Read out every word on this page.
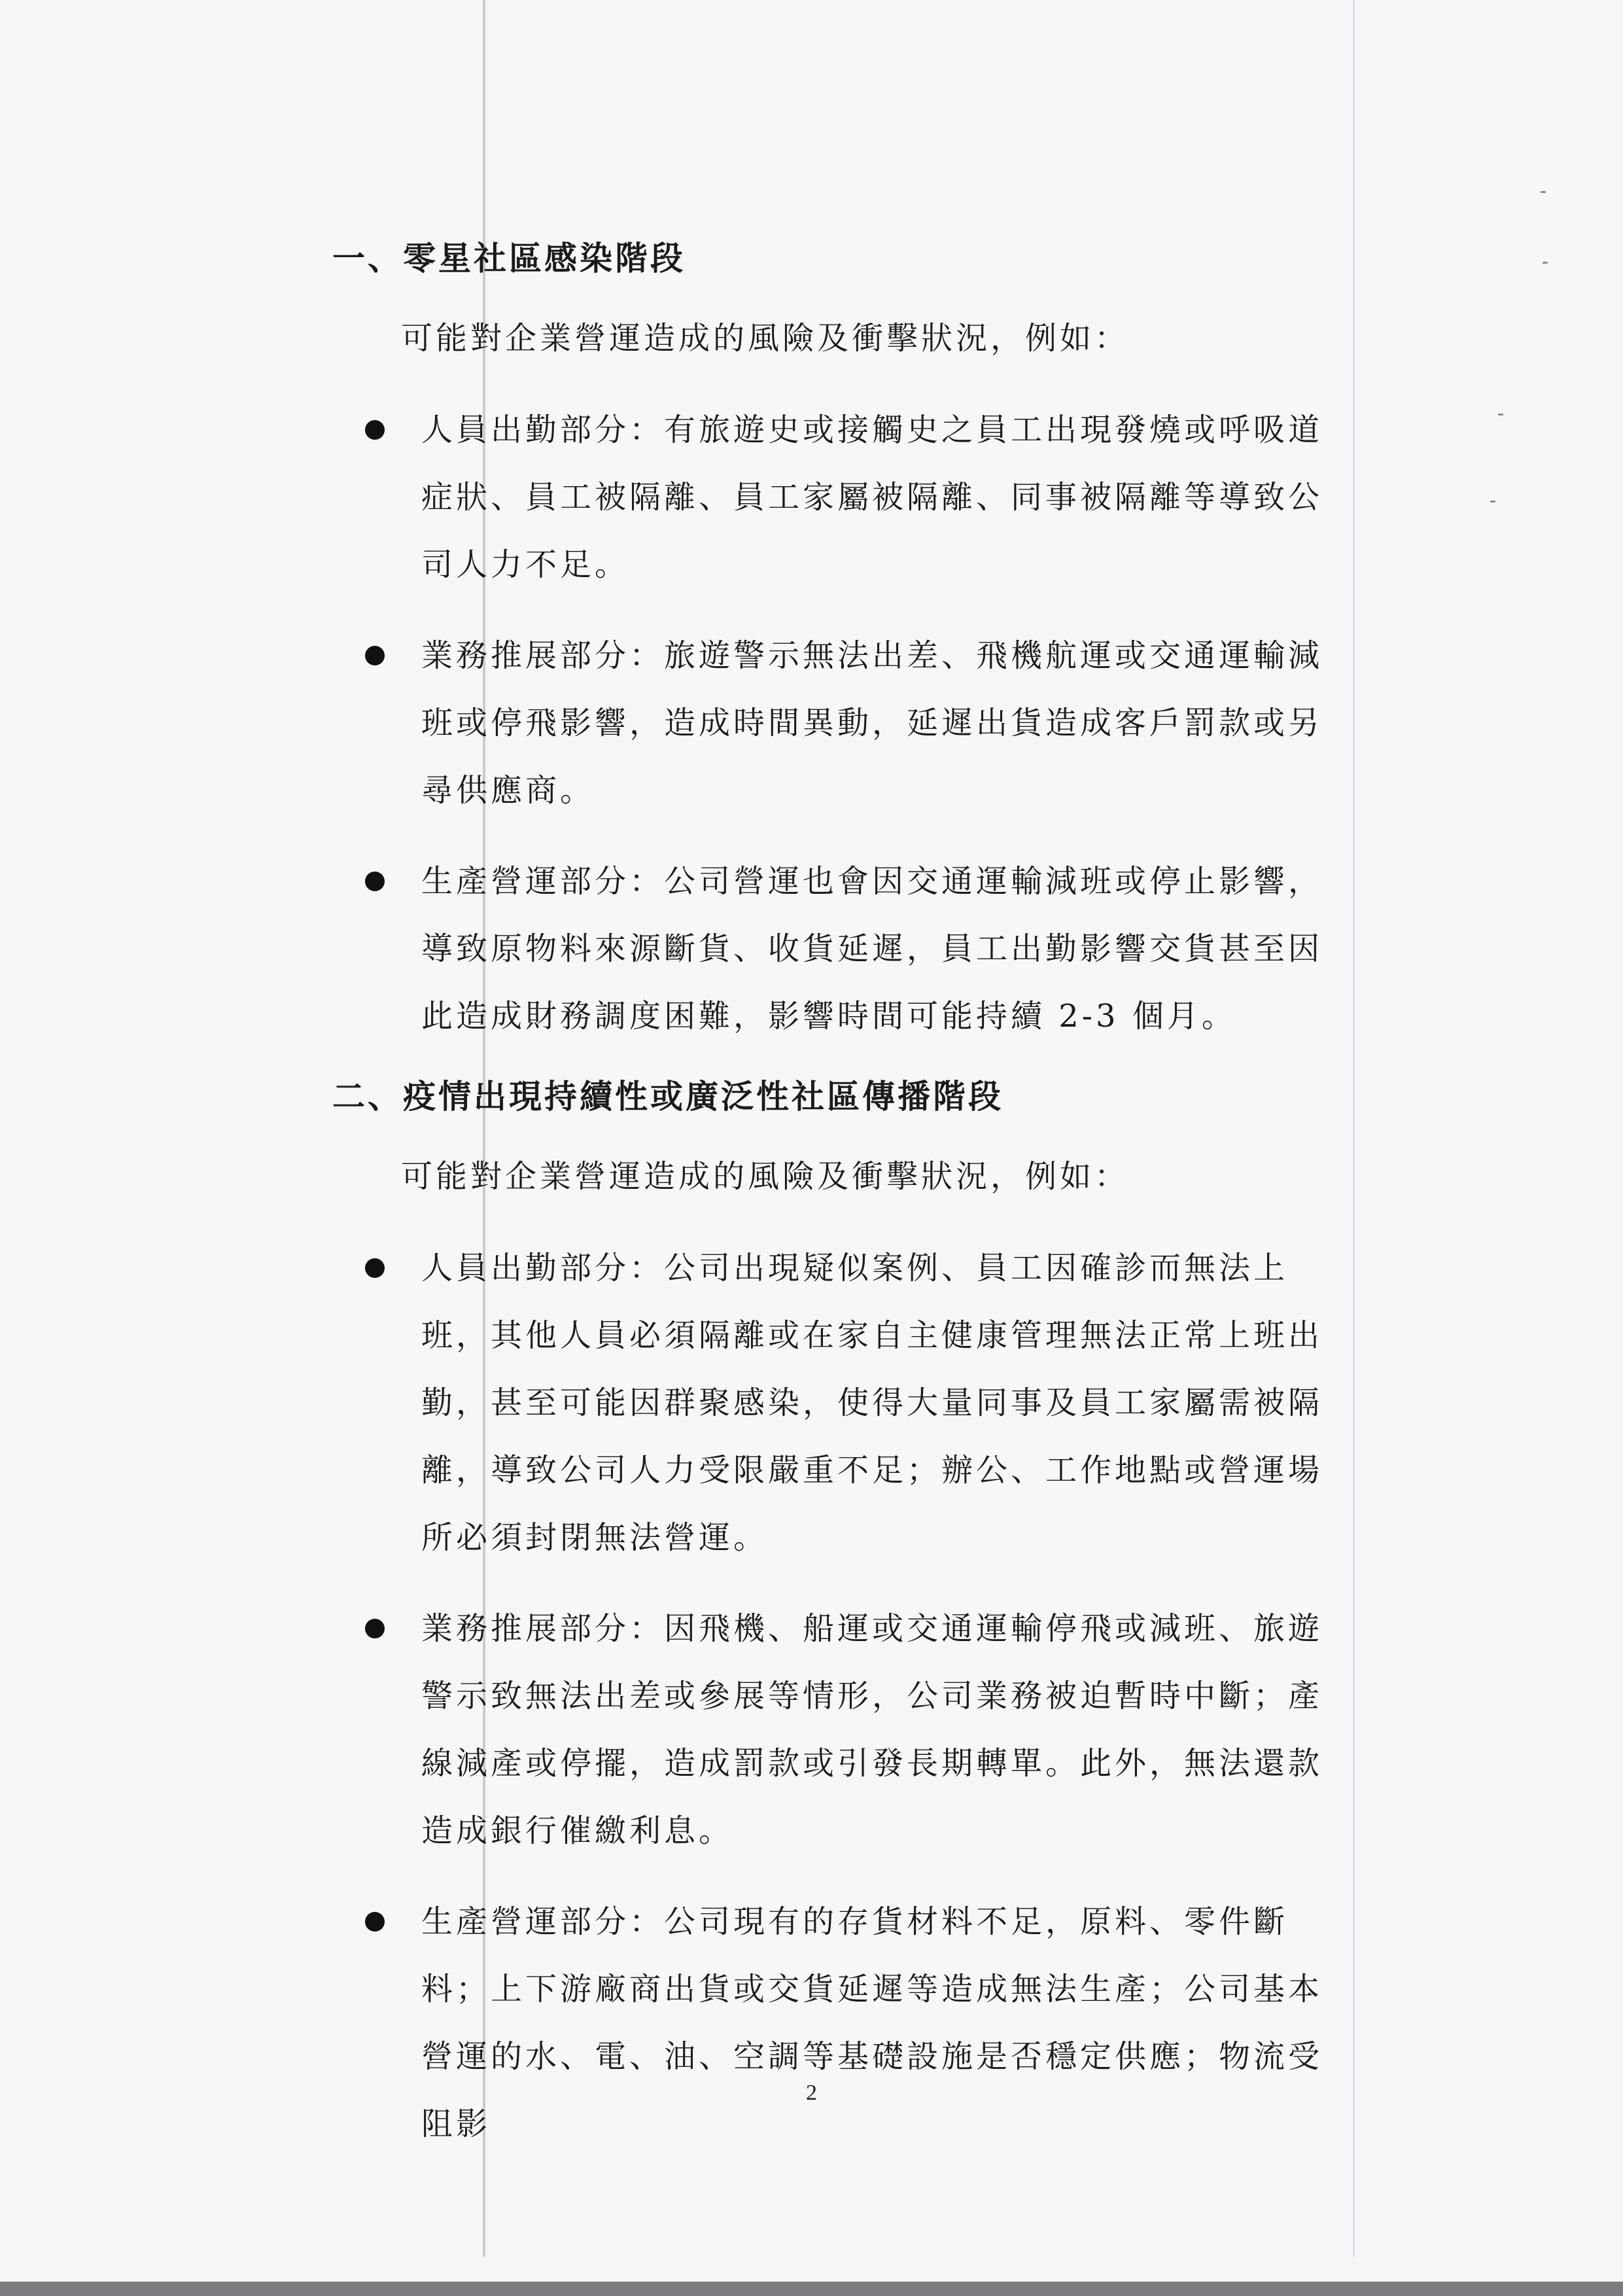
一、零星社區感染階段

可能對企業營運造成的風險及衝擊狀況，例如：

人員出勤部分：有旅遊史或接觸史之員工出現發燒或呼吸道症狀、員工被隔離、員工家屬被隔離、同事被隔離等導致公司人力不足。
業務推展部分：旅遊警示無法出差、飛機航運或交通運輸減班或停飛影響，造成時間異動，延遲出貨造成客戶罰款或另尋供應商。
生產營運部分：公司營運也會因交通運輸減班或停止影響，導致原物料來源斷貨、收貨延遲，員工出勤影響交貨甚至因此造成財務調度困難，影響時間可能持續 2-3 個月。
二、疫情出現持續性或廣泛性社區傳播階段

可能對企業營運造成的風險及衝擊狀況，例如：

人員出勤部分：公司出現疑似案例、員工因確診而無法上班，其他人員必須隔離或在家自主健康管理無法正常上班出勤，甚至可能因群聚感染，使得大量同事及員工家屬需被隔離，導致公司人力受限嚴重不足；辦公、工作地點或營運場所必須封閉無法營運。
業務推展部分：因飛機、船運或交通運輸停飛或減班、旅遊警示致無法出差或參展等情形，公司業務被迫暫時中斷；產線減產或停擺，造成罰款或引發長期轉單。此外，無法還款造成銀行催繳利息。
生產營運部分：公司現有的存貨材料不足，原料、零件斷料；上下游廠商出貨或交貨延遲等造成無法生產；公司基本營運的水、電、油、空調等基礎設施是否穩定供應；物流受阻影
2
